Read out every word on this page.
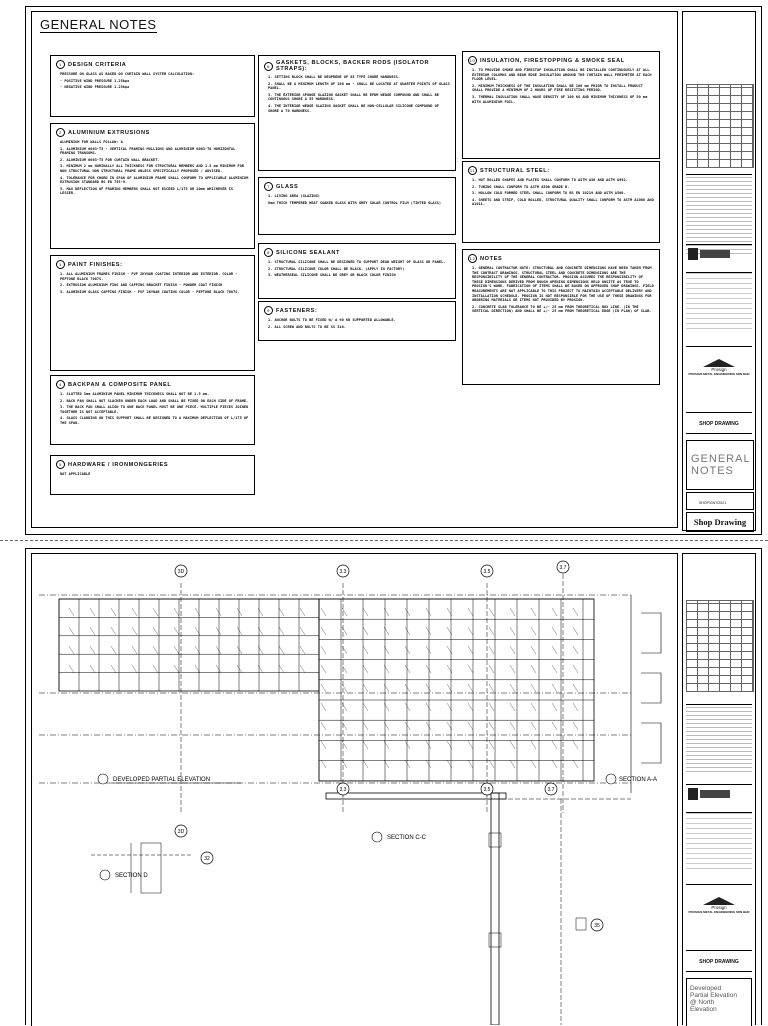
GENERAL NOTES
1	DESIGN CRITERIA
PRESSURE ON GLASS AS BASED ON CURTAIN WALL SYSTEM CALCULATION:
- POSITIVE WIND PRESSURE 1.25kpa
- NEGATIVE WIND PRESSURE 1.25kpa
2	ALUMINIUM EXTRUSIONS
ALUMINIUM FOR WALLS FOLLOW: A
1. ALUMINIUM 6063-T5 - VERTICAL FRAMING MULLIONS AND ALUMINIUM 6063-T6 HORIZONTAL FRAMING TRANSOMS.
2. ALUMINIUM 6063-T5 FOR CURTAIN WALL BRACKET.
3. MINIMUM 2 mm NOMINALLY ALL THICKNESS FOR STRUCTURAL MEMBERS AND 1.5 mm MINIMUM FOR NON STRUCTURAL NON STRUCTURAL FRAME UNLESS SPECIFICALLY PROPOSED / ADVISED.
4. TOLERANCE FOR CHORD IN SPAN OF ALUMINIUM FRAME SHALL CONFORM TO APPLICABLE ALUMINIUM EXTRUSION STANDARD BS EN 755-9.
5. MAX DEFLECTION OF FRAMING MEMBERS SHALL NOT EXCEED L/175 OR 20mm WHICHEVER IS LESSER.
3	PAINT FINISHES:
1. ALL ALUMINIUM FRAMES FINISH - PVF 2KYNAR COATING INTERIOR AND EXTERIOR. COLOR - PEPTONE BLACK 7007S.
2. EXTRUSION ALUMINIUM FINS AND CAPPING BRACKET FINISH - POWDER COAT FINISH
3. ALUMINIUM GLASS CAPPING FINISH - PVF 2KYNAR COATING COLOR - PEPTONE BLACK 7007S.
4	BACKPAN & COMPOSITE PANEL
1. SLOTTED 3mm ALUMINIUM PANEL MINIMUM THICKNESS SHALL NOT BE 1.5 mm.
2. BACK PAN SHALL NOT SLACKEN UNDER EACH LOAD AND SHALL BE FIXED ON EACH SIDE OF FRAME.
3. THE BACK PAN SHALL ALIGN TO ONE BACK PANEL MUST BE ONE PIECE. MULTIPLE PIECES JOINED TOGETHER IS NOT ACCEPTABLE.
4. GLASS CLADDING ON THIS SUPPORT SHALL BE DESIGNED TO A MAXIMUM DEFLECTION OF L/175 OF THE SPAN.
5	HARDWARE / IRONMONGERIES
NOT APPLICABLE
6	GASKETS, BLOCKS, BACKER RODS (ISOLATOR STRAPS):
1. SETTING BLOCK SHALL BE NEOPRENE OF 85 TYPE SHORE HARDNESS.
2. SHALL BE A MINIMUM LENGTH OF 100 mm - SHALL BE LOCATED AT QUARTER POINTS OF GLASS PANEL.
3. THE EXTERIOR SPONGE GLAZING GASKET SHALL BE EPDM WEDGE COMPOUND AND SHALL BE CONTINUOUS SHORE A 55 HARDNESS.
4. THE INTERIOR WEDGE GLAZING GASKET SHALL BE NON-CELLULAR SILICONE COMPOUND OF SHORE A 70 HARDNESS.
7	GLASS
1. LIVING AREA (GLAZING)
8mm THICK TEMPERED HEAT SOAKED GLASS WITH GREY SOLAR CONTROL FILM (TINTED GLASS)
8	SILICONE SEALANT
1. STRUCTURAL SILICONE SHALL BE DESIGNED TO SUPPORT DEAD WEIGHT OF GLASS OR PANEL.
2. STRUCTURAL SILICONE COLOR SHALL BE BLACK. (APPLY IN FACTORY)
3. WEATHERSEAL SILICONE SHALL BE GREY OR BLACK COLOR FINISH
9	FASTENERS:
1. ANCHOR BOLTS TO BE FIXED W/ A 90 KN SUPPORTED ALLOWABLE.
2. ALL SCREW AND BOLTS TO BE SS 316.
10 INSULATION, FIRESTOPPING & SMOKE SEAL
1. TO PROVIDE SMOKE AND FIRESTOP INSULATION SHALL BE INSTALLED CONTINUOUSLY AT ALL EXTERIOR COLUMNS AND BEAM EDGE INSULATION AROUND THE CURTAIN WALL PERIMETER AT EACH FLOOR LEVEL.
2. MINIMUM THICKNESS OF THE INSULATION SHALL BE 100 mm PRIOR TO INSTALL PRODUCT SHALL PROVIDE A MINIMUM OF 2 HOURS OF FIRE RESISTING PERIOD.
3. THERMAL INSULATION SHALL HAVE DENSITY OF 100 KG AND MINIMUM THICKNESS OF 50 mm WITH ALUMINIUM FOIL.
11 STRUCTURAL STEEL:
1. HOT ROLLED SHAPES AND PLATES SHALL CONFORM TO ASTM A36 AND ASTM A992.
2. TUBING SHALL CONFORM TO ASTM A500 GRADE B.
3. HOLLOW COLD FORMED STEEL SHALL CONFORM TO BS EN 10219 AND ASTM A500.
4. SHEETS AND STRIP, COLD ROLLED, STRUCTURAL QUALITY SHALL CONFORM TO ASTM A1008 AND A1011.
12 NOTES
1. GENERAL CONTRACTOR NOTE: STRUCTURAL AND CONCRETE DIMENSIONS HAVE BEEN TAKEN FROM THE CONTRACT DRAWINGS. STRUCTURAL STEEL AND CONCRETE DIMENSIONS ARE THE RESPONSIBILITY OF THE GENERAL CONTRACTOR. PROSIGN ASSUMES THE RESPONSIBILITY OF THESE DIMENSIONS DERIVED FROM ROUGH OPENING DIMENSIONS HELD ONSITE AS TRUE TO PROSIGN'S WORK. FABRICATION OF ITEMS SHALL BE BASED ON APPROVED SHOP DRAWINGS. FIELD MEASUREMENTS ARE NOT APPLICABLE TO THIS PROJECT TO MAINTAIN ACCEPTABLE DELIVERY AND INSTALLATION SCHEDULE. PROSIGN IS NOT RESPONSIBLE FOR THE USE OF THESE DRAWINGS FOR ORDERING MATERIALS OR ITEMS NOT PROVIDED BY PROSIGN.
2. CONCRETE SLAB TOLERANCE TO BE +/- 25 mm FROM THEORETICAL BOX LINE. (IN THE VERTICAL DIRECTION) AND SHALL BE +/- 25 mm FROM THEORETICAL EDGE (IN PLAN) OF SLAB.
Prosign
PROSIGN METAL ENGINEERING SDN BHD
SHOP DRAWING
GENERAL
NOTES
SHOP/GNT/2021
Shop Drawing
3D	3.3	3.5
3.7
3.3	3.5	3.7
3D
32
35
DEVELOPED PARTIAL ELEVATION	SECTION A-A
SECTION C-C
SECTION D
Prosign
PROSIGN METAL ENGINEERING SDN BHD
SHOP DRAWING
Developed
Partial Elevation
@ North
Elevation
